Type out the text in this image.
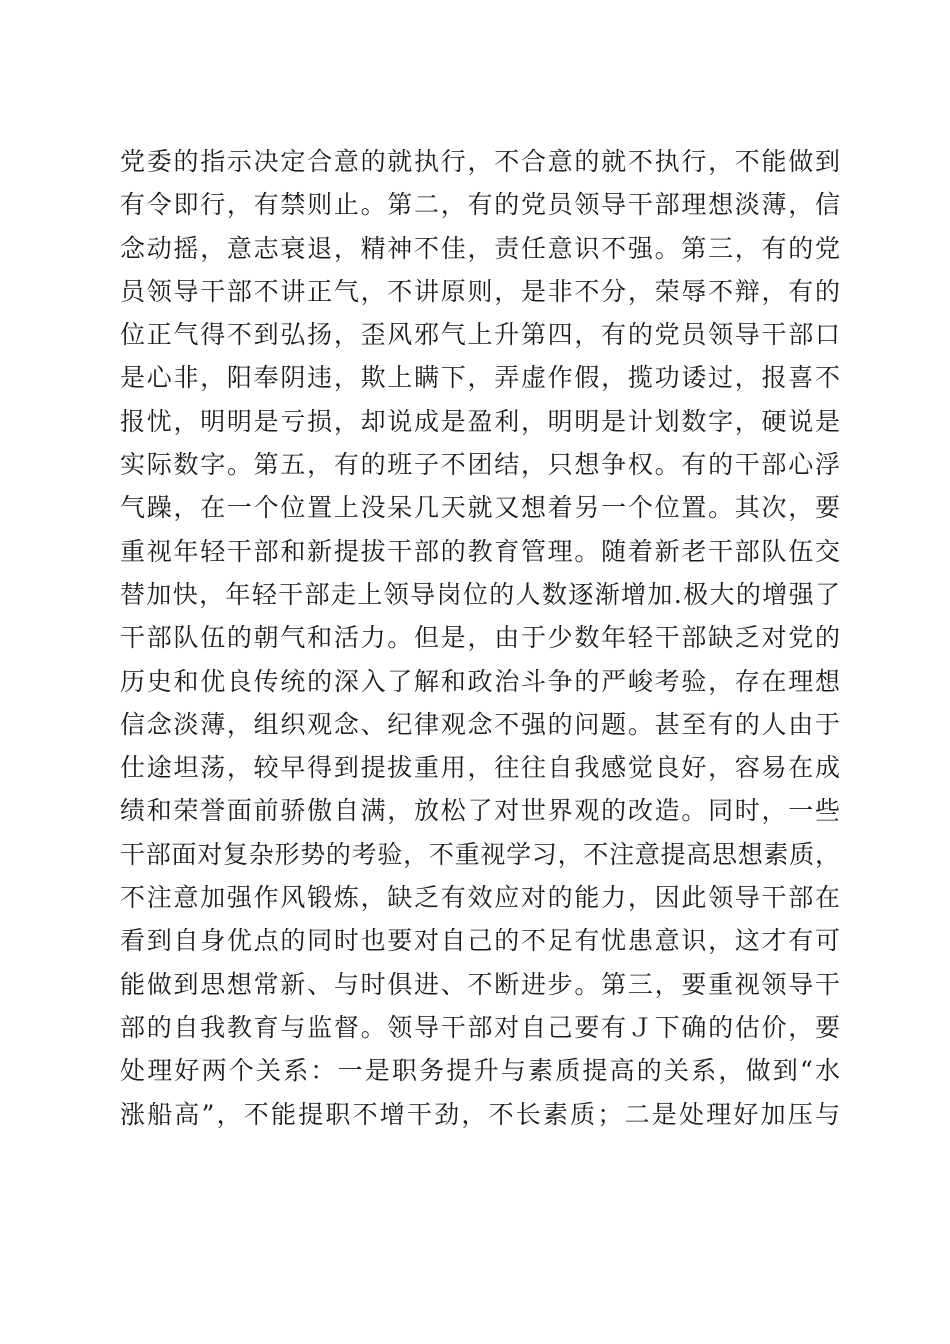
党委的指示决定合意的就执行，不合意的就不执行，不能做到
有令即行，有禁则止。第二，有的党员领导干部理想淡薄，信
念动摇，意志衰退，精神不佳，责任意识不强。第三，有的党
员领导干部不讲正气，不讲原则，是非不分，荣辱不辩，有的
位正气得不到弘扬，歪风邪气上升第四，有的党员领导干部口
是心非，阳奉阴违，欺上瞒下，弄虚作假，揽功诿过，报喜不
报忧，明明是亏损，却说成是盈利，明明是计划数字，硬说是
实际数字。第五，有的班子不团结，只想争权。有的干部心浮
气躁，在一个位置上没呆几天就又想着另一个位置。其次，要
重视年轻干部和新提拔干部的教育管理。随着新老干部队伍交
替加快，年轻干部走上领导岗位的人数逐渐增加.极大的增强了
干部队伍的朝气和活力。但是，由于少数年轻干部缺乏对党的
历史和优良传统的深入了解和政治斗争的严峻考验，存在理想
信念淡薄，组织观念、纪律观念不强的问题。甚至有的人由于
仕途坦荡，较早得到提拔重用，往往自我感觉良好，容易在成
绩和荣誉面前骄傲自满，放松了对世界观的改造。同时，一些
干部面对复杂形势的考验，不重视学习，不注意提高思想素质，
不注意加强作风锻炼，缺乏有效应对的能力，因此领导干部在
看到自身优点的同时也要对自己的不足有忧患意识，这才有可
能做到思想常新、与时俱进、不断进步。第三，要重视领导干
部的自我教育与监督。领导干部对自己要有Ｊ下确的估价，要
处理好两个关系：一是职务提升与素质提高的关系，做到“水
涨船高”，不能提职不增干劲，不长素质；二是处理好加压与
